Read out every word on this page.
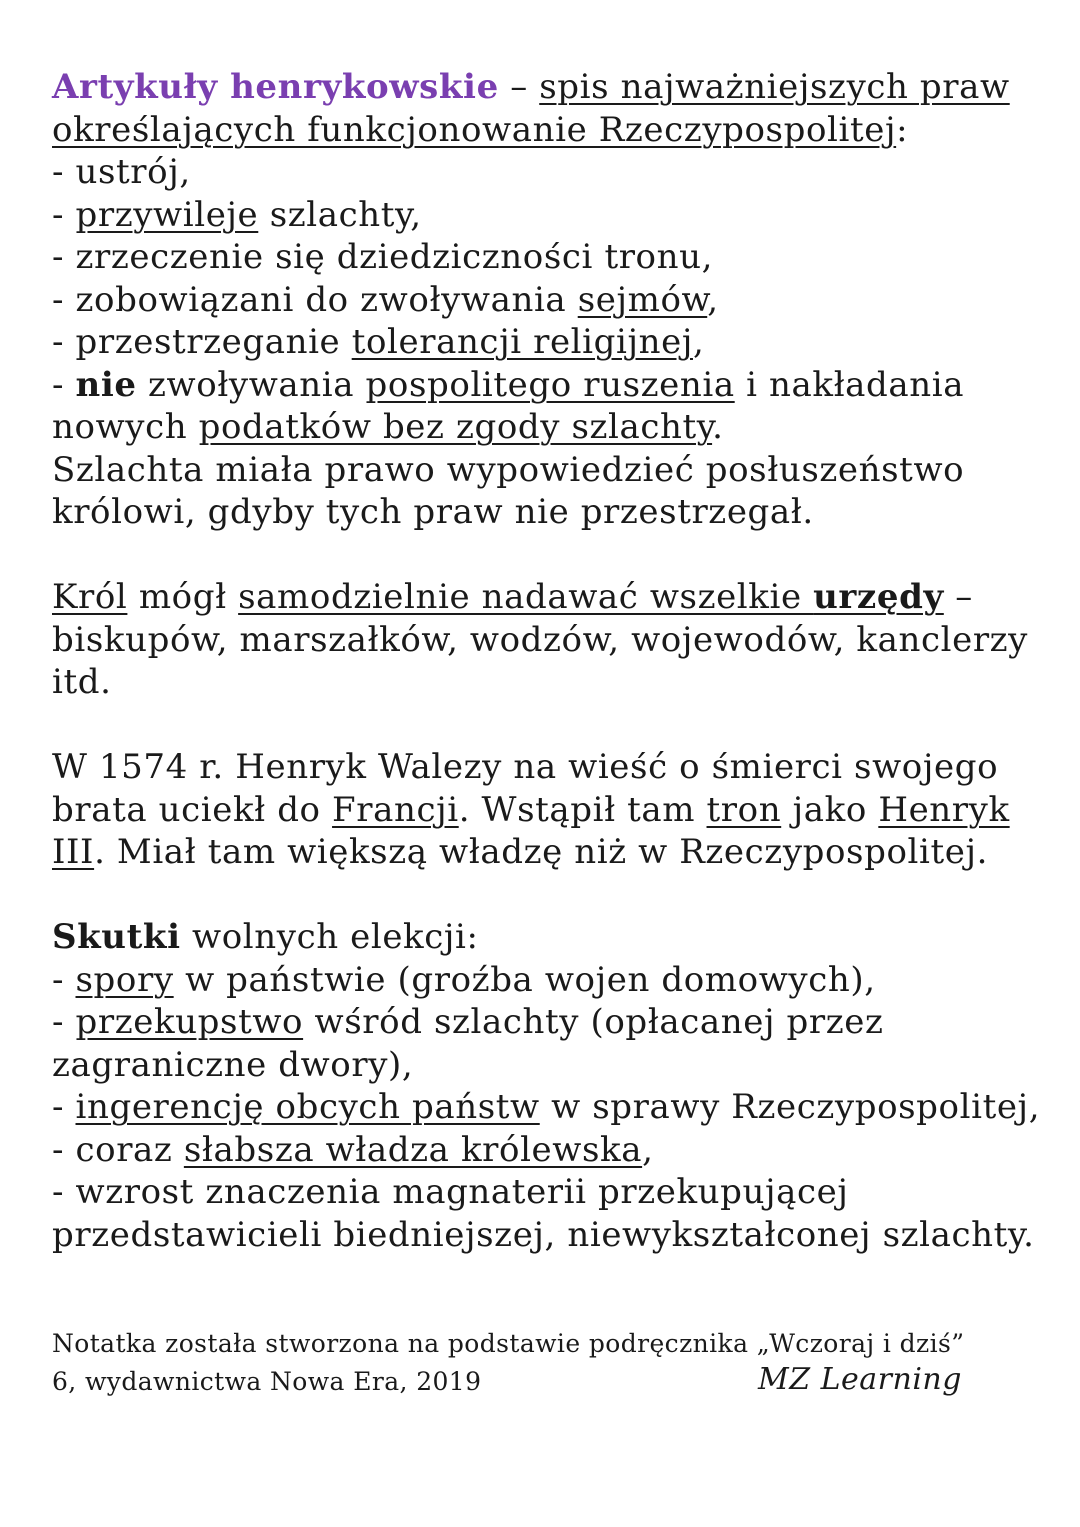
Artykuły henrykowskie – spis najważniejszych praw
określających funkcjonowanie Rzeczypospolitej:
- ustrój,
- przywileje szlachty,
- zrzeczenie się dziedziczności tronu,
- zobowiązani do zwoływania sejmów,
- przestrzeganie tolerancji religijnej,
- nie zwoływania pospolitego ruszenia i nakładania
nowych podatków bez zgody szlachty.
Szlachta miała prawo wypowiedzieć posłuszeństwo
królowi, gdyby tych praw nie przestrzegał.
Król mógł samodzielnie nadawać wszelkie urzędy –
biskupów, marszałków, wodzów, wojewodów, kanclerzy
itd.
W 1574 r. Henryk Walezy na wieść o śmierci swojego
brata uciekł do Francji. Wstąpił tam tron jako Henryk
III. Miał tam większą władzę niż w Rzeczypospolitej.
Skutki wolnych elekcji:
- spory w państwie (groźba wojen domowych),
- przekupstwo wśród szlachty (opłacanej przez
zagraniczne dwory),
- ingerencję obcych państw w sprawy Rzeczypospolitej,
- coraz słabsza władza królewska,
- wzrost znaczenia magnaterii przekupującej
przedstawicieli biedniejszej, niewykształconej szlachty.
Notatka została stworzona na podstawie podręcznika „Wczoraj i dziś”
6, wydawnictwa Nowa Era, 2019	MZ Learning
